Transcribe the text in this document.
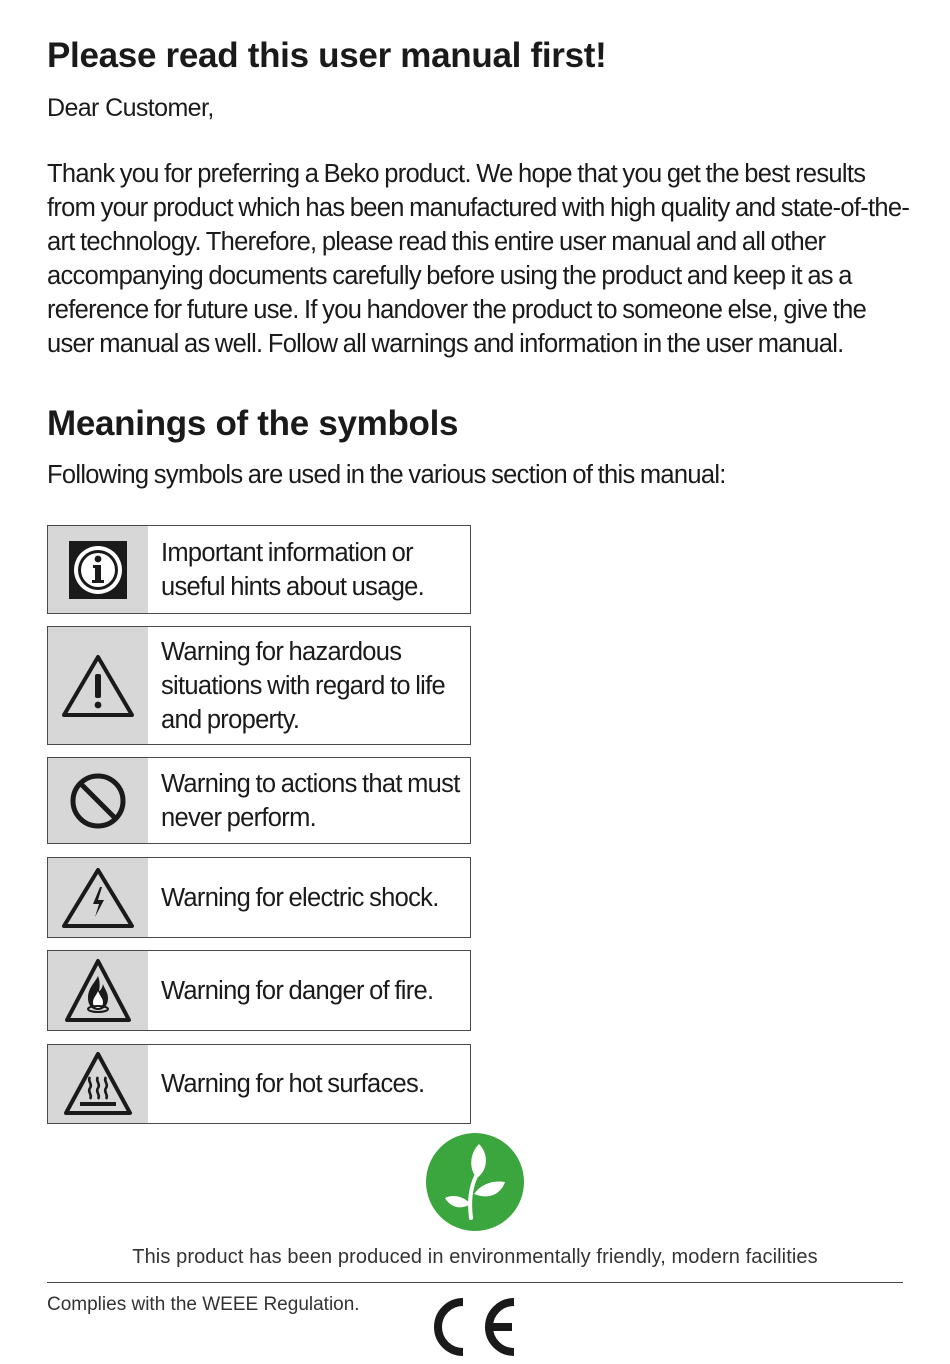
Please read this user manual first!

Dear Customer,

Thank you for preferring a Beko product. We hope that you get the best results from your product which has been manufactured with high quality and state-of-the-art technology. Therefore, please read this entire user manual and all other accompanying documents carefully before using the product and keep it as a reference for future use. If you handover the product to someone else, give the user manual as well. Follow all warnings and information in the user manual.

Meanings of the symbols

Following symbols are used in the various section of this manual:

Important information or useful hints about usage.
Warning for hazardous situations with regard to life and property.
Warning to actions that must never perform.
Warning for electric shock.
Warning for danger of fire.
Warning for hot surfaces.

This product has been produced in environmentally friendly, modern facilities

Complies with the WEEE Regulation.
